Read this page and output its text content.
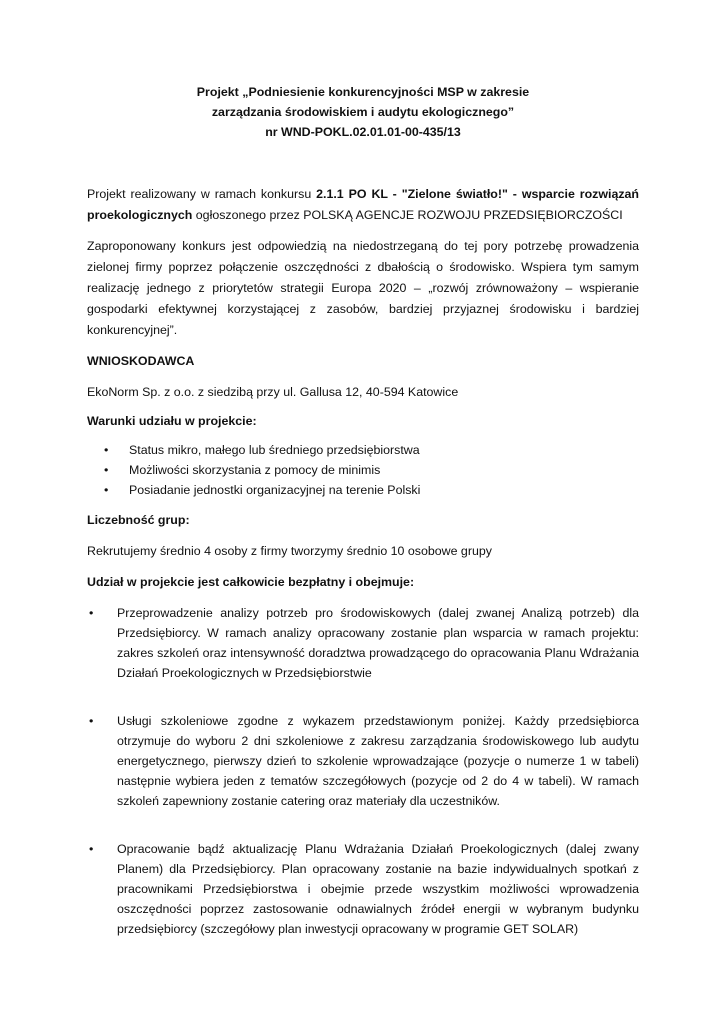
Projekt „Podniesienie konkurencyjności MSP w zakresie
zarządzania środowiskiem i audytu ekologicznego”
nr WND-POKL.02.01.01-00-435/13

Projekt realizowany w ramach konkursu 2.1.1 PO KL - "Zielone światło!" - wsparcie rozwiązań proekologicznych ogłoszonego przez POLSKĄ AGENCJE ROZWOJU PRZEDSIĘBIORCZOŚCI

Zaproponowany konkurs jest odpowiedzią na niedostrzeganą do tej pory potrzebę prowadzenia zielonej firmy poprzez połączenie oszczędności z dbałością o środowisko. Wspiera tym samym realizację jednego z priorytetów strategii Europa 2020 – „rozwój zrównoważony – wspieranie gospodarki efektywnej korzystającej z zasobów, bardziej przyjaznej środowisku i bardziej konkurencyjnej”.

WNIOSKODAWCA

EkoNorm Sp. z o.o. z siedzibą przy ul. Gallusa 12, 40-594 Katowice

Warunki udziału w projekcie:

•	Status mikro, małego lub średniego przedsiębiorstwa
•	Możliwości skorzystania z pomocy de minimis
•	Posiadanie jednostki organizacyjnej na terenie Polski

Liczebność grup:

Rekrutujemy średnio 4 osoby z firmy tworzymy średnio 10 osobowe grupy

Udział w projekcie jest całkowicie bezpłatny i obejmuje:

•	Przeprowadzenie analizy potrzeb pro środowiskowych (dalej zwanej Analizą potrzeb) dla Przedsiębiorcy. W ramach analizy opracowany zostanie plan wsparcia w ramach projektu: zakres szkoleń oraz intensywność doradztwa prowadzącego do opracowania Planu Wdrażania Działań Proekologicznych w Przedsiębiorstwie
•	Usługi szkoleniowe zgodne z wykazem przedstawionym poniżej. Każdy przedsiębiorca otrzymuje do wyboru 2 dni szkoleniowe z zakresu zarządzania środowiskowego lub audytu energetycznego, pierwszy dzień to szkolenie wprowadzające (pozycje o numerze 1 w tabeli) następnie wybiera jeden z tematów szczegółowych (pozycje od 2 do 4 w tabeli). W ramach szkoleń zapewniony zostanie catering oraz materiały dla uczestników.
•	Opracowanie bądź aktualizację Planu Wdrażania Działań Proekologicznych (dalej zwany Planem) dla Przedsiębiorcy. Plan opracowany zostanie na bazie indywidualnych spotkań z pracownikami Przedsiębiorstwa i obejmie przede wszystkim możliwości wprowadzenia oszczędności poprzez zastosowanie odnawialnych źródeł energii w wybranym budynku przedsiębiorcy (szczegółowy plan inwestycji opracowany w programie GET SOLAR)
